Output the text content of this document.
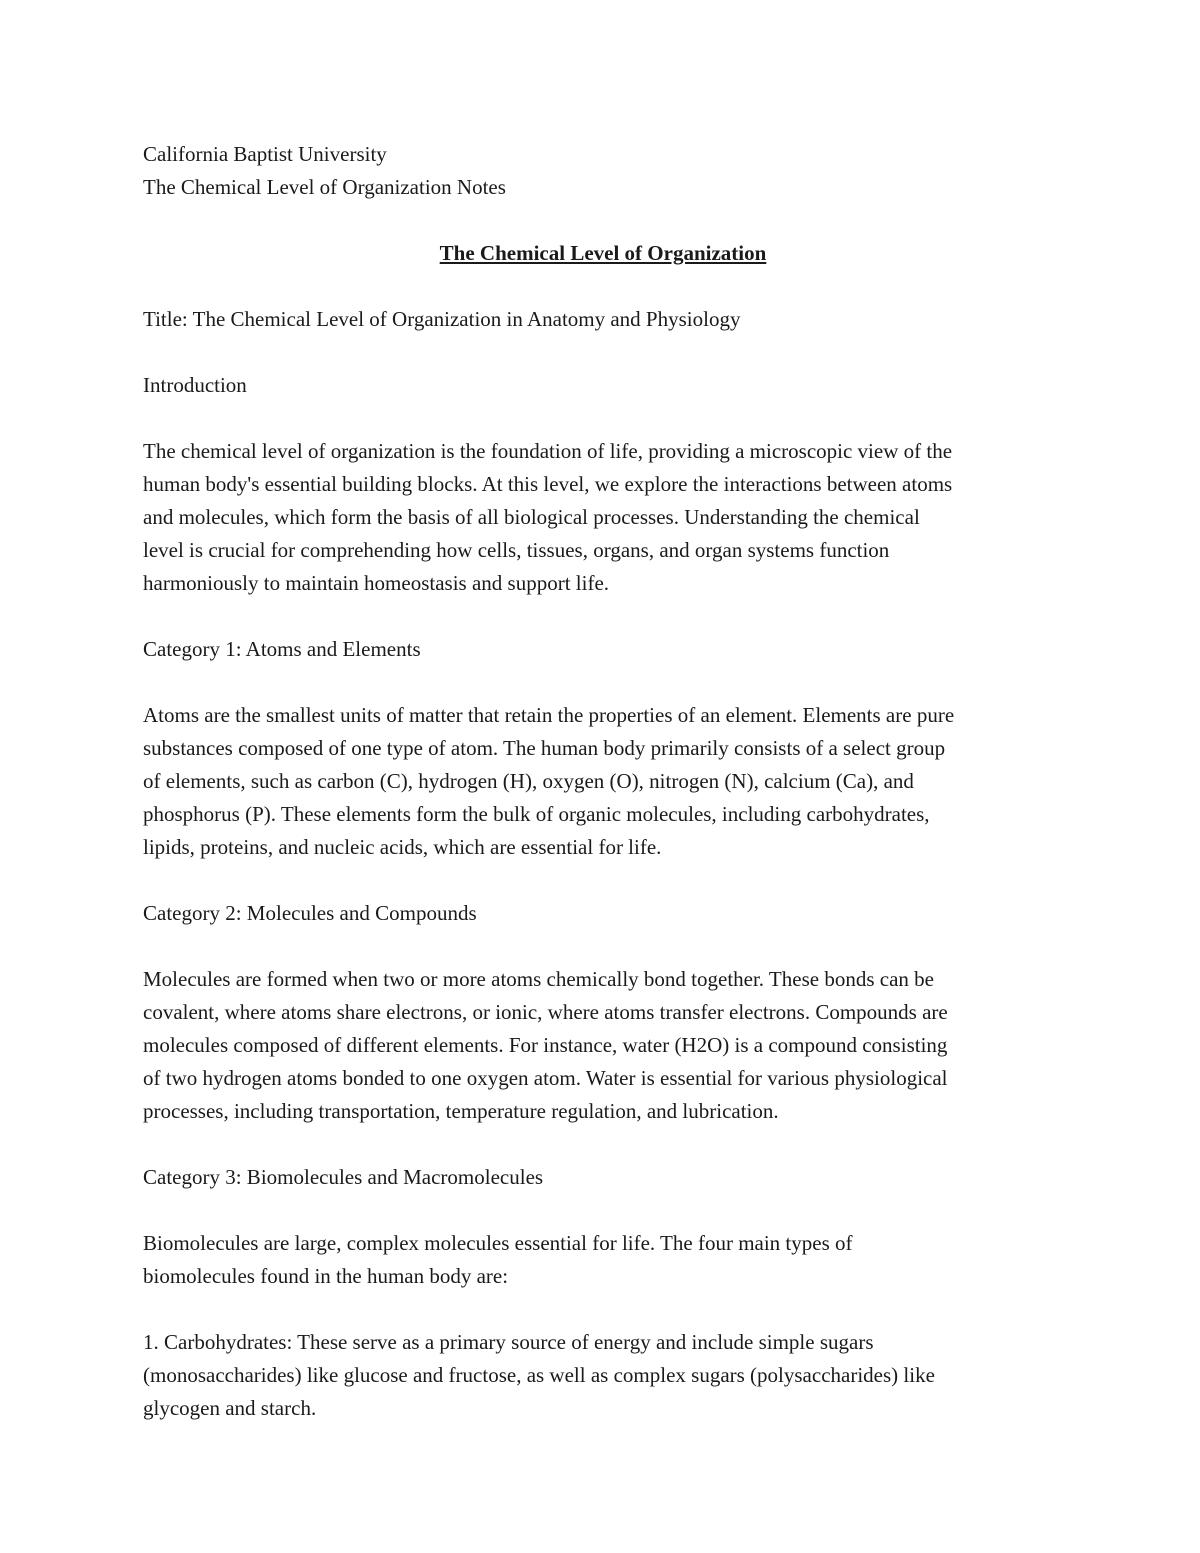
California Baptist University

The Chemical Level of Organization Notes

The Chemical Level of Organization

Title: The Chemical Level of Organization in Anatomy and Physiology

Introduction

The chemical level of organization is the foundation of life, providing a microscopic view of the

human body's essential building blocks. At this level, we explore the interactions between atoms

and molecules, which form the basis of all biological processes. Understanding the chemical

level is crucial for comprehending how cells, tissues, organs, and organ systems function

harmoniously to maintain homeostasis and support life.

Category 1: Atoms and Elements

Atoms are the smallest units of matter that retain the properties of an element. Elements are pure

substances composed of one type of atom. The human body primarily consists of a select group

of elements, such as carbon (C), hydrogen (H), oxygen (O), nitrogen (N), calcium (Ca), and

phosphorus (P). These elements form the bulk of organic molecules, including carbohydrates,

lipids, proteins, and nucleic acids, which are essential for life.

Category 2: Molecules and Compounds

Molecules are formed when two or more atoms chemically bond together. These bonds can be

covalent, where atoms share electrons, or ionic, where atoms transfer electrons. Compounds are

molecules composed of different elements. For instance, water (H2O) is a compound consisting

of two hydrogen atoms bonded to one oxygen atom. Water is essential for various physiological

processes, including transportation, temperature regulation, and lubrication.

Category 3: Biomolecules and Macromolecules

Biomolecules are large, complex molecules essential for life. The four main types of

biomolecules found in the human body are:

1. Carbohydrates: These serve as a primary source of energy and include simple sugars

(monosaccharides) like glucose and fructose, as well as complex sugars (polysaccharides) like

glycogen and starch.
